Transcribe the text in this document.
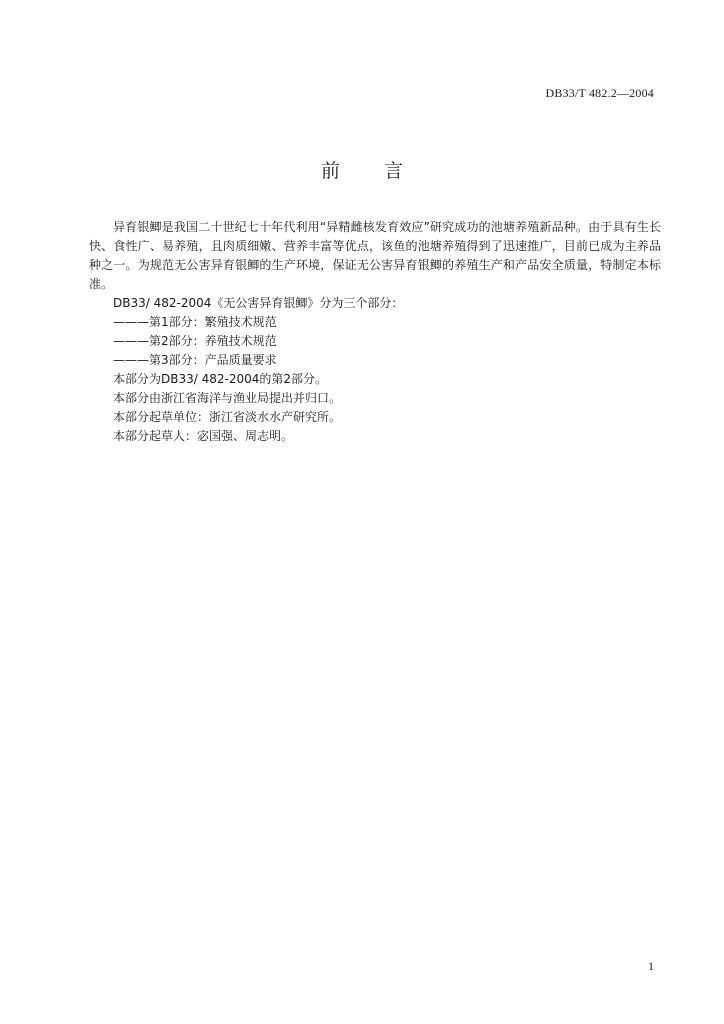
DB33/T 482.2—2004
前 言

异育银鲫是我国二十世纪七十年代利用“异精雌核发育效应”研究成功的池塘养殖新品种。由于具有生长快、食性广、易养殖，且肉质细嫩、营养丰富等优点，该鱼的池塘养殖得到了迅速推广，目前已成为主养品种之一。为规范无公害异育银鲫的生产环境，保证无公害异育银鲫的养殖生产和产品安全质量，特制定本标准。

DB33/ 482-2004《无公害异育银鲫》分为三个部分：

———第1部分：繁殖技术规范

———第2部分：养殖技术规范

———第3部分：产品质量要求

本部分为DB33/ 482-2004的第2部分。

本部分由浙江省海洋与渔业局提出并归口。

本部分起草单位：浙江省淡水水产研究所。

本部分起草人：宓国强、周志明。

1
